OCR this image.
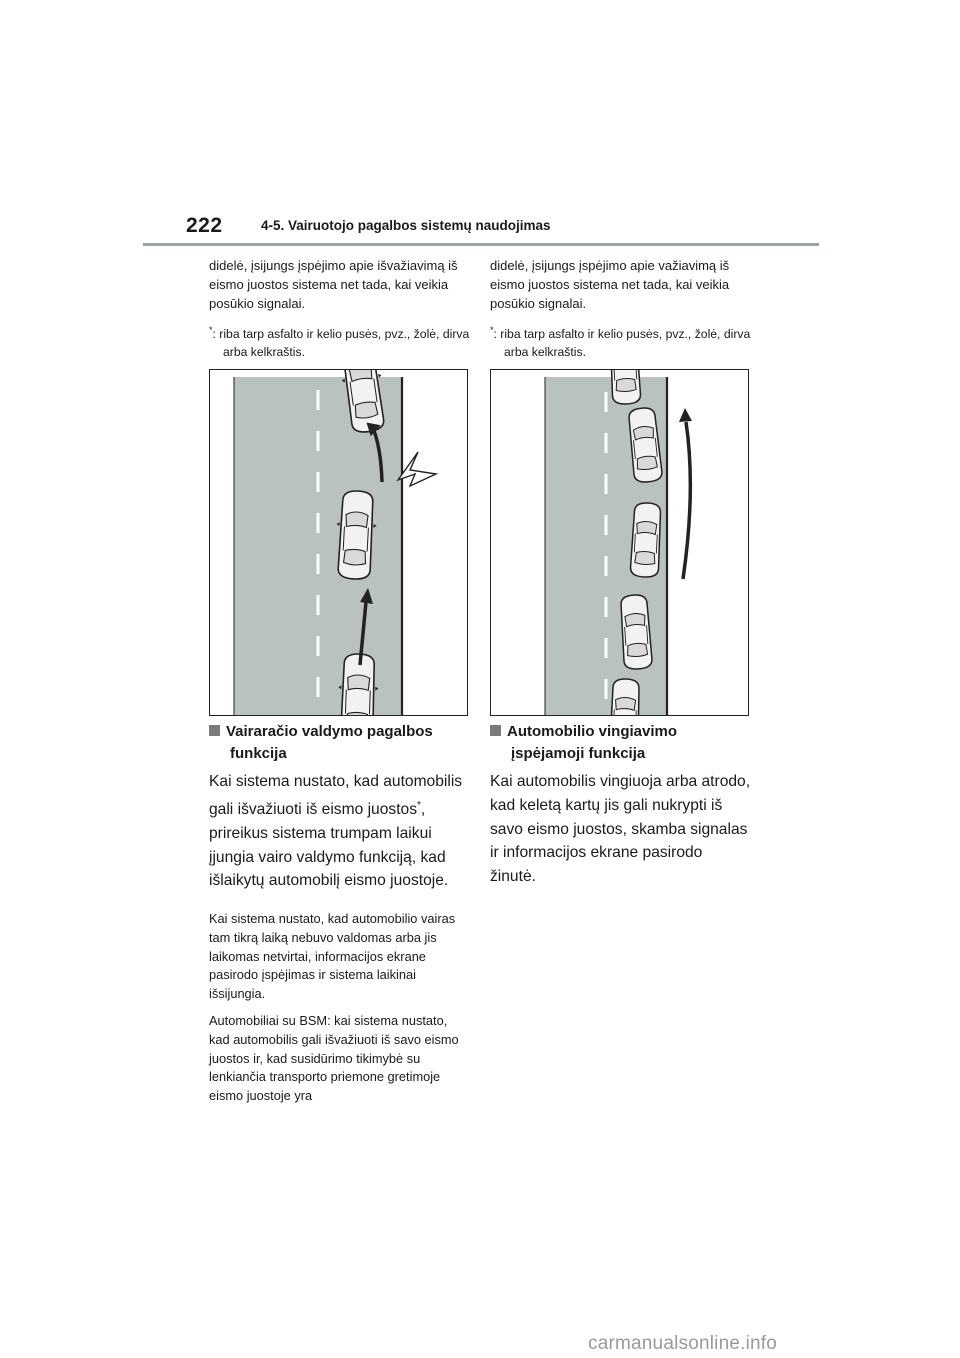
222	4-5. Vairuotojo pagalbos sistemų naudojimas

didelė, įsijungs įspėjimo apie išvažiavimą iš eismo juostos sistema net tada, kai veikia posūkio signalai.

*: riba tarp asfalto ir kelio pusės, pvz., žolė, dirva arba kelkraštis.

didelė, įsijungs įspėjimo apie važiavimą iš eismo juostos sistema net tada, kai veikia posūkio signalai.

*: riba tarp asfalto ir kelio pusės, pvz., žolė, dirva arba kelkraštis.

Vairaračio valdymo pagalbos
funkcija

Kai sistema nustato, kad automobilis gali išvažiuoti iš eismo juostos*, prireikus sistema trumpam laikui įjungia vairo valdymo funkciją, kad išlaikytų automobilį eismo juostoje.

Kai sistema nustato, kad automobilio vairas tam tikrą laiką nebuvo valdomas arba jis laikomas netvirtai, informacijos ekrane pasirodo įspėjimas ir sistema laikinai išsijungia.

Automobiliai su BSM: kai sistema nustato, kad automobilis gali išvažiuoti iš savo eismo juostos ir, kad susidūrimo tikimybė su lenkiančia transporto priemone gretimoje eismo juostoje yra

Automobilio vingiavimo
įspėjamoji funkcija

Kai automobilis vingiuoja arba atrodo, kad keletą kartų jis gali nukrypti iš savo eismo juostos, skamba signalas ir informacijos ekrane pasirodo žinutė.

carmanualsonline.info
